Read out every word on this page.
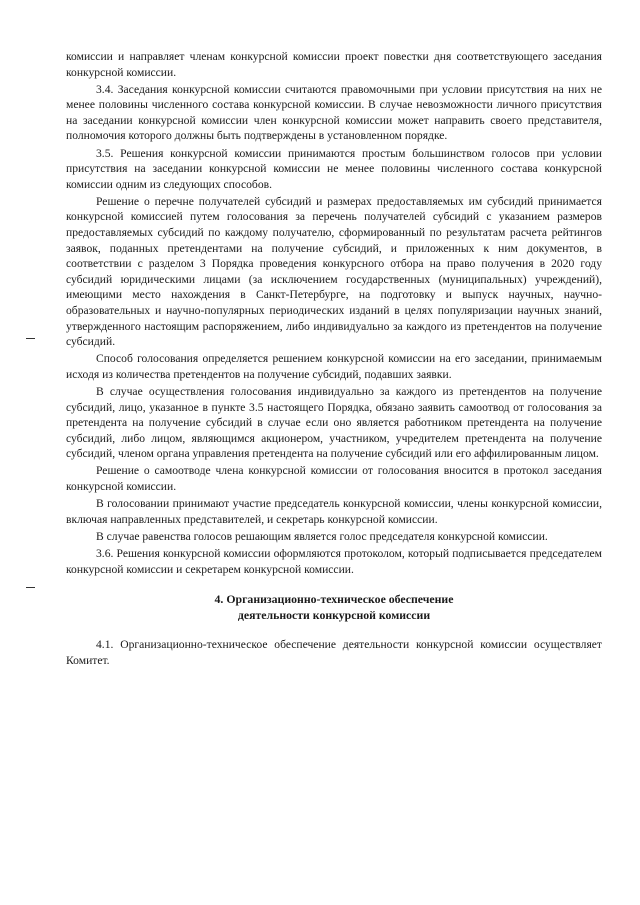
комиссии и направляет членам конкурсной комиссии проект повестки дня соответствующего заседания конкурсной комиссии.

3.4. Заседания конкурсной комиссии считаются правомочными при условии присутствия на них не менее половины численного состава конкурсной комиссии. В случае невозможности личного присутствия на заседании конкурсной комиссии член конкурсной комиссии может направить своего представителя, полномочия которого должны быть подтверждены в установленном порядке.

3.5. Решения конкурсной комиссии принимаются простым большинством голосов при условии присутствия на заседании конкурсной комиссии не менее половины численного состава конкурсной комиссии одним из следующих способов.

Решение о перечне получателей субсидий и размерах предоставляемых им субсидий принимается конкурсной комиссией путем голосования за перечень получателей субсидий с указанием размеров предоставляемых субсидий по каждому получателю, сформированный по результатам расчета рейтингов заявок, поданных претендентами на получение субсидий, и приложенных к ним документов, в соответствии с разделом 3 Порядка проведения конкурсного отбора на право получения в 2020 году субсидий юридическими лицами (за исключением государственных (муниципальных) учреждений), имеющими место нахождения в Санкт-Петербурге, на подготовку и выпуск научных, научно-образовательных и научно-популярных периодических изданий в целях популяризации научных знаний, утвержденного настоящим распоряжением, либо индивидуально за каждого из претендентов на получение субсидий.

Способ голосования определяется решением конкурсной комиссии на его заседании, принимаемым исходя из количества претендентов на получение субсидий, подавших заявки.

В случае осуществления голосования индивидуально за каждого из претендентов на получение субсидий, лицо, указанное в пункте 3.5 настоящего Порядка, обязано заявить самоотвод от голосования за претендента на получение субсидий в случае если оно является работником претендента на получение субсидий, либо лицом, являющимся акционером, участником, учредителем претендента на получение субсидий, членом органа управления претендента на получение субсидий или его аффилированным лицом.

Решение о самоотводе члена конкурсной комиссии от голосования вносится в протокол заседания конкурсной комиссии.

В голосовании принимают участие председатель конкурсной комиссии, члены конкурсной комиссии, включая направленных представителей, и секретарь конкурсной комиссии.

В случае равенства голосов решающим является голос председателя конкурсной комиссии.

3.6. Решения конкурсной комиссии оформляются протоколом, который подписывается председателем конкурсной комиссии и секретарем конкурсной комиссии.

4. Организационно-техническое обеспечение
деятельности конкурсной комиссии

4.1. Организационно-техническое обеспечение деятельности конкурсной комиссии осуществляет Комитет.
